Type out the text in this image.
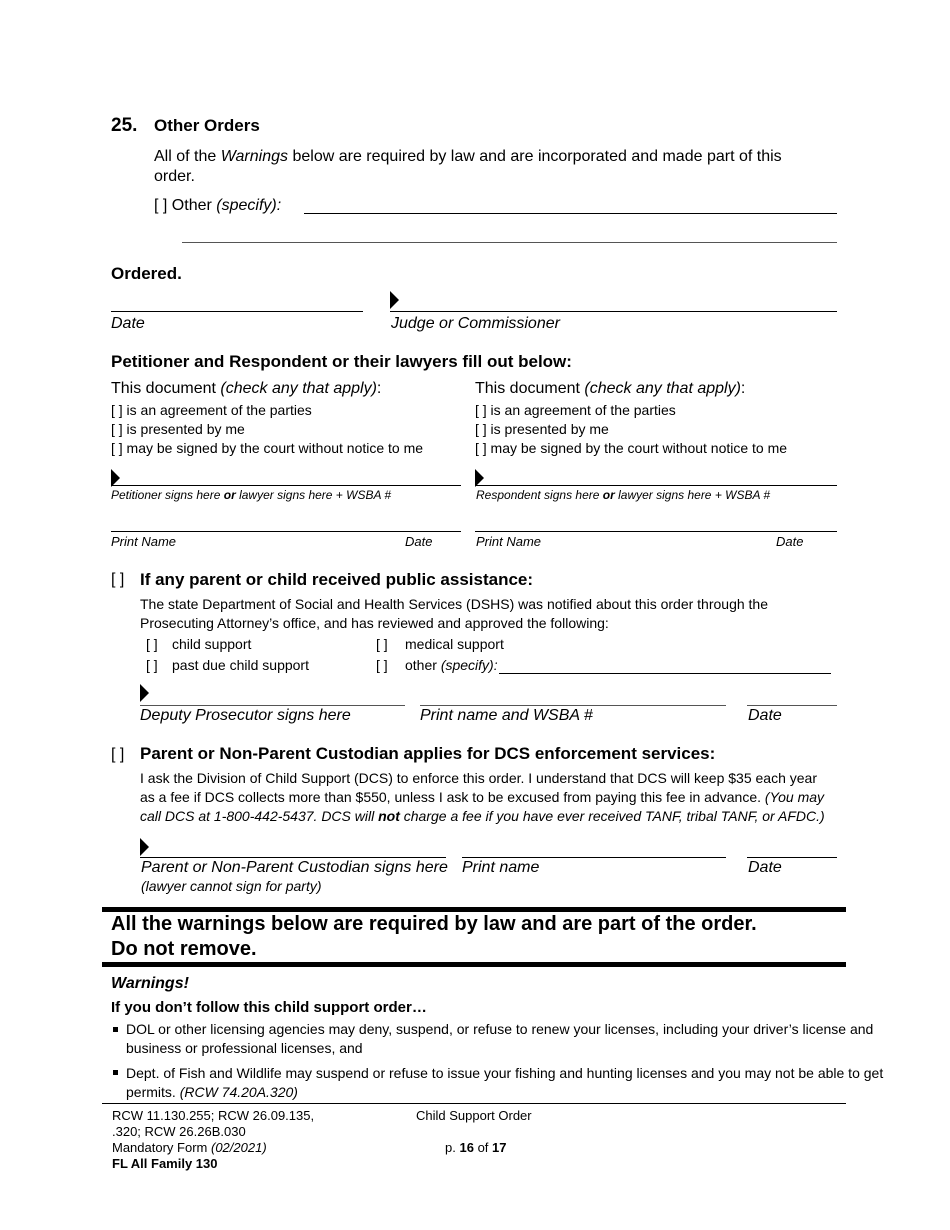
25. Other Orders
All of the Warnings below are required by law and are incorporated and made part of this
order.
[ ] Other (specify):
Ordered.
Date	Judge or Commissioner
Petitioner and Respondent or their lawyers fill out below:
This document (check any that apply):
[ ] is an agreement of the parties
[ ] is presented by me
[ ] may be signed by the court without notice to me
Petitioner signs here or lawyer signs here + WSBA #
Print Name	Date
This document (check any that apply):
[ ] is an agreement of the parties
[ ] is presented by me
[ ] may be signed by the court without notice to me
Respondent signs here or lawyer signs here + WSBA #
Print Name	Date
[ ] If any parent or child received public assistance:
The state Department of Social and Health Services (DSHS) was notified about this order through the
Prosecuting Attorney’s office, and has reviewed and approved the following:
[ ] child support	[ ] medical support
[ ] past due child support	[ ] other (specify):
Deputy Prosecutor signs here	Print name and WSBA #	Date
[ ] Parent or Non-Parent Custodian applies for DCS enforcement services:
I ask the Division of Child Support (DCS) to enforce this order. I understand that DCS will keep $35 each year
as a fee if DCS collects more than $550, unless I ask to be excused from paying this fee in advance. (You may
call DCS at 1-800-442-5437. DCS will not charge a fee if you have ever received TANF, tribal TANF, or AFDC.)
Parent or Non-Parent Custodian signs here
(lawyer cannot sign for party)
Print name	Date
All the warnings below are required by law and are part of the order.
Do not remove.
Warnings!
If you don’t follow this child support order…
DOL or other licensing agencies may deny, suspend, or refuse to renew your licenses, including your driver’s license and
business or professional licenses, and
Dept. of Fish and Wildlife may suspend or refuse to issue your fishing and hunting licenses and you may not be able to get
permits. (RCW 74.20A.320)
RCW 11.130.255; RCW 26.09.135,
.320; RCW 26.26B.030
Mandatory Form (02/2021)
FL All Family 130
Child Support Order
p. 16 of 17
